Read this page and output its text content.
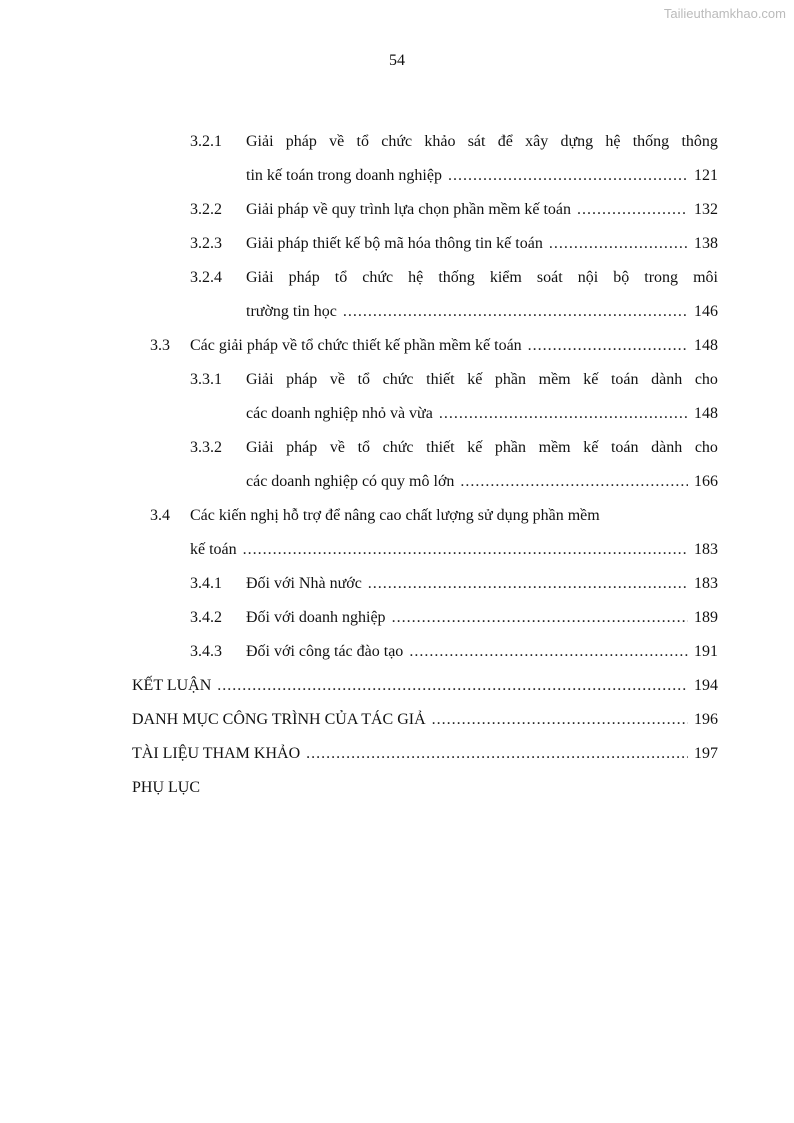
Tailieuthamkhao.com
54
3.2.1	Giải pháp về tổ chức khảo sát để xây dựng hệ thống thông
tin kế toán trong doanh nghiệp .....	121
3.2.2	Giải pháp về quy trình lựa chọn phần mềm kế toán .....	132
3.2.3	Giải pháp thiết kế bộ mã hóa thông tin kế toán .....	138
3.2.4	Giải pháp tổ chức hệ thống kiểm soát nội bộ trong môi
trường tin học .....	146
3.3	Các giải pháp về tổ chức thiết kế phần mềm kế toán .....	148
3.3.1	Giải pháp về tổ chức thiết kế phần mềm kế toán dành cho
các doanh nghiệp nhỏ và vừa .....	148
3.3.2	Giải pháp về tổ chức thiết kế phần mềm kế toán dành cho
các doanh nghiệp có quy mô lớn .....	166
3.4	Các kiến nghị hỗ trợ để nâng cao chất lượng sử dụng phần mềm
kế toán .....	183
3.4.1	Đối với Nhà nước .....	183
3.4.2	Đối với doanh nghiệp .....	189
3.4.3	Đối với công tác đào tạo .....	191
KẾT LUẬN .....	194
DANH MỤC CÔNG TRÌNH CỦA TÁC GIẢ .....	196
TÀI LIỆU THAM KHẢO .....	197
PHỤ LỤC
